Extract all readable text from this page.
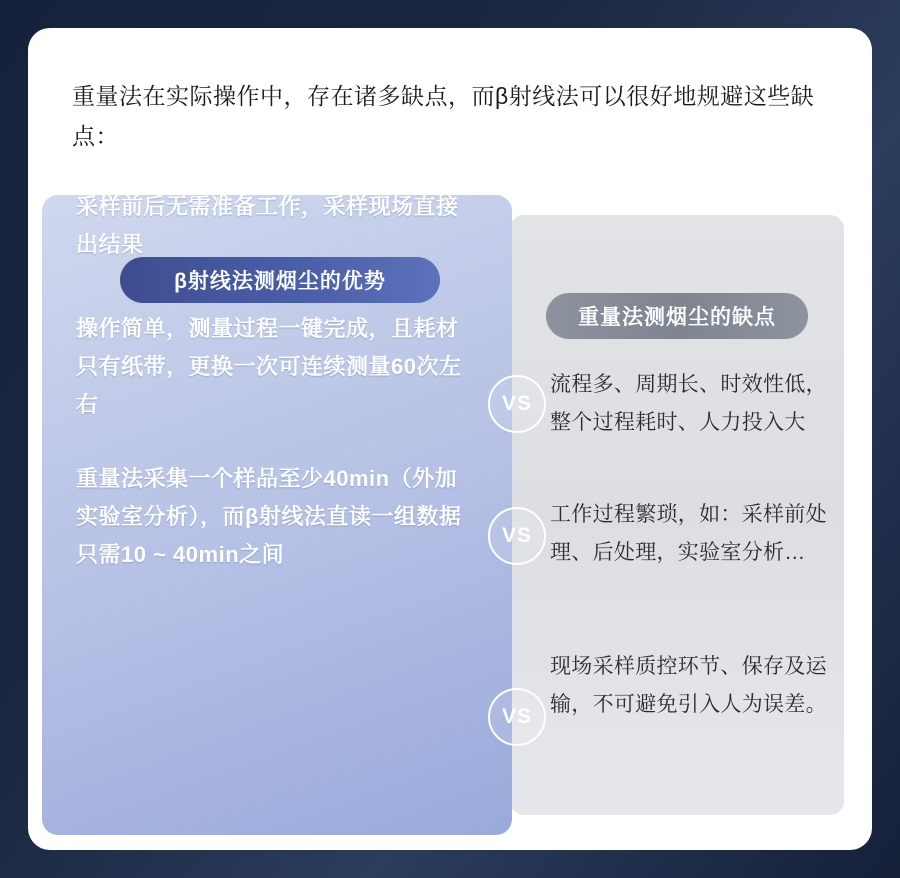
重量法在实际操作中，存在诸多缺点，而β射线法可以很好地规避这些缺点：
重量法测烟尘的缺点
β射线法测烟尘的优势
采样前后无需准备工作，采样现场直接出结果
操作简单，测量过程一键完成，且耗材只有纸带，更换一次可连续测量60次左右
重量法采集一个样品至少40min（外加实验室分析），而β射线法直读一组数据只需10 ~ 40min之间
流程多、周期长、时效性低，整个过程耗时、人力投入大
工作过程繁琐，如：采样前处理、后处理，实验室分析…
现场采样质控环节、保存及运输，不可避免引入人为误差。
VS
VS
VS
